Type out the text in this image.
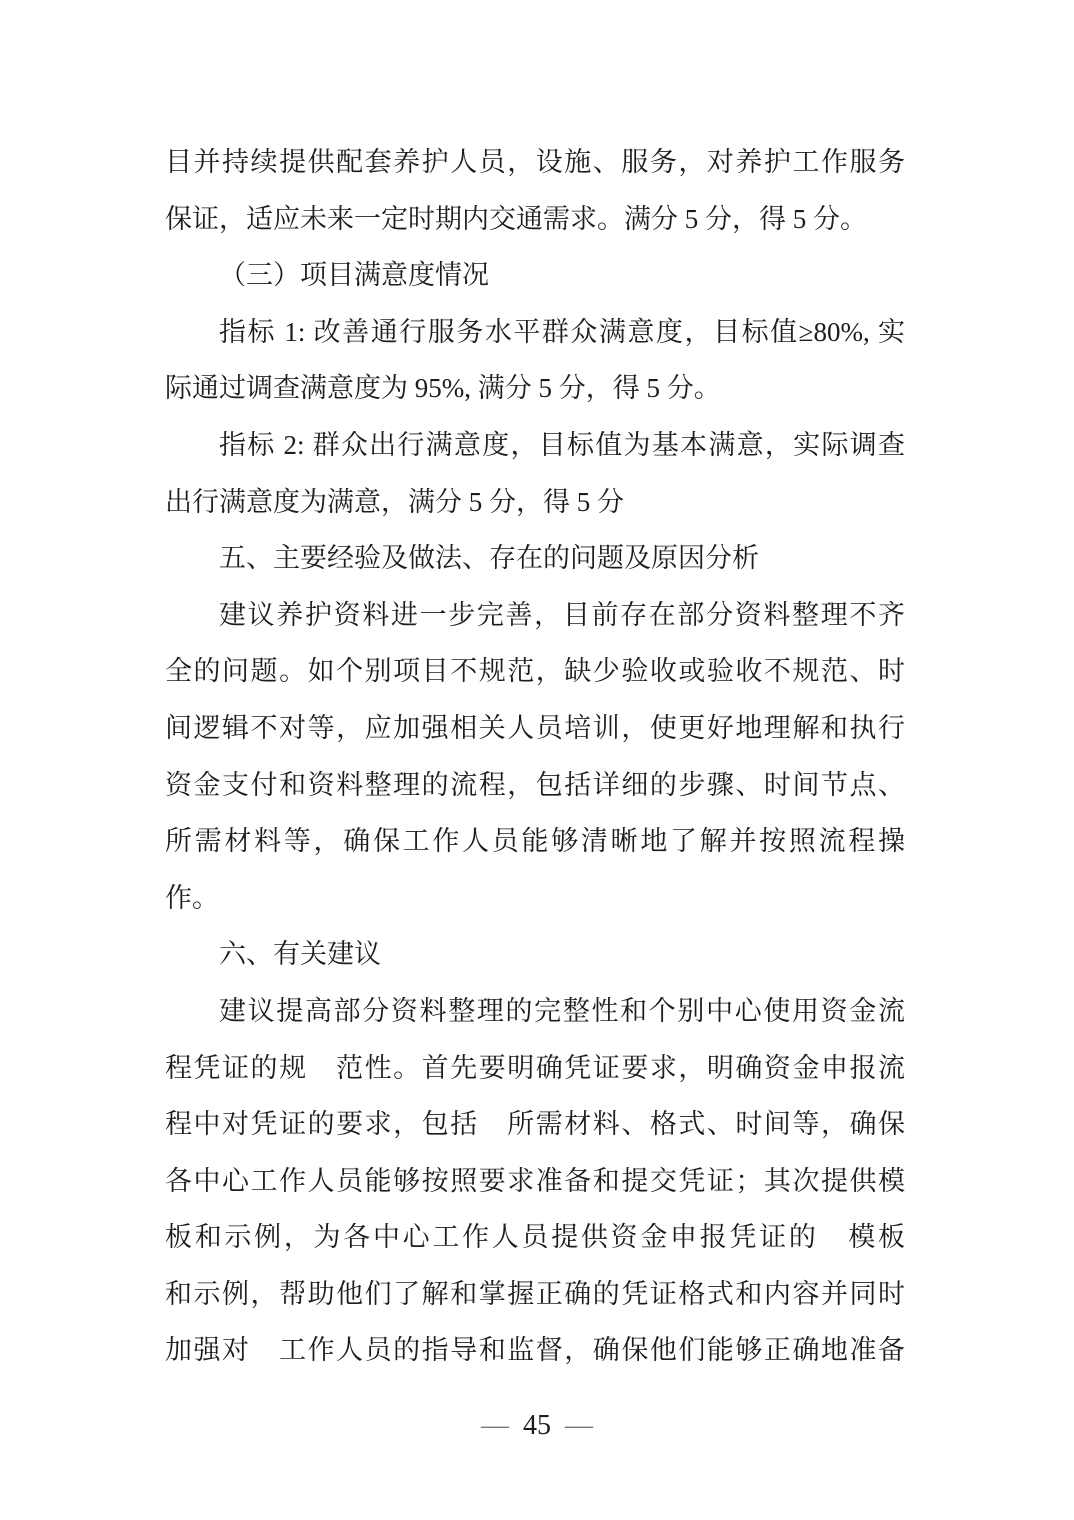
目并持续提供配套养护人员，设施、服务，对养护工作服务
保证，适应未来一定时期内交通需求。满分 5 分，得 5 分。
（三）项目满意度情况
指标 1: 改善通行服务水平群众满意度，目标值≥80%, 实
际通过调查满意度为 95%, 满分 5 分，得 5 分。
指标 2: 群众出行满意度，目标值为基本满意，实际调查
出行满意度为满意，满分 5 分，得 5 分
五、主要经验及做法、存在的问题及原因分析
建议养护资料进一步完善，目前存在部分资料整理不齐
全的问题。如个别项目不规范，缺少验收或验收不规范、时
间逻辑不对等，应加强相关人员培训，使更好地理解和执行
资金支付和资料整理的流程，包括详细的步骤、时间节点、
所需材料等，确保工作人员能够清晰地了解并按照流程操
作。
六、有关建议
建议提高部分资料整理的完整性和个别中心使用资金流
程凭证的规　范性。首先要明确凭证要求，明确资金申报流
程中对凭证的要求，包括　所需材料、格式、时间等，确保
各中心工作人员能够按照要求准备和提交凭证；其次提供模
板和示例，为各中心工作人员提供资金申报凭证的　模板
和示例，帮助他们了解和掌握正确的凭证格式和内容并同时
加强对　工作人员的指导和监督，确保他们能够正确地准备
— 45 —
